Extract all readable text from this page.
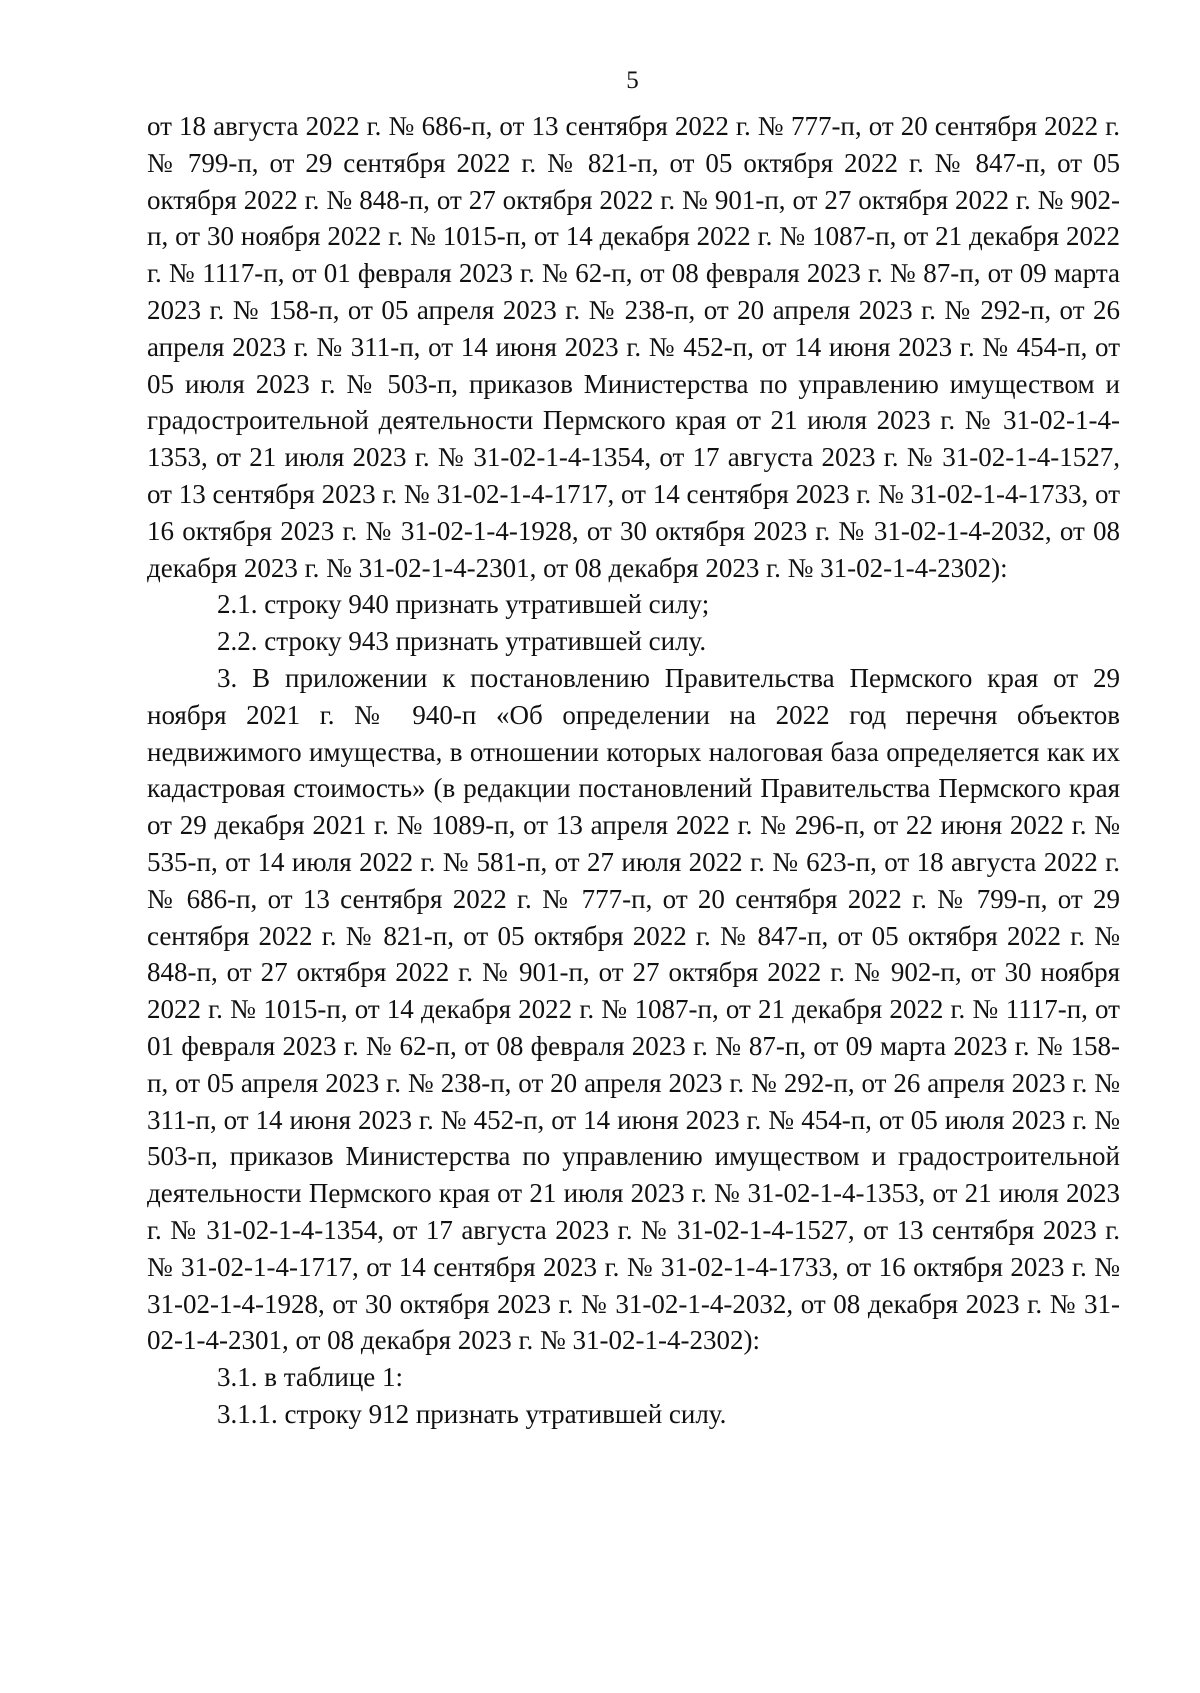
5

от 18 августа 2022 г. № 686-п, от 13 сентября 2022 г. № 777-п, от 20 сентября 2022 г. № 799-п, от 29 сентября 2022 г. № 821-п, от 05 октября 2022 г. № 847-п, от 05 октября 2022 г. № 848-п, от 27 октября 2022 г. № 901-п, от 27 октября 2022 г. № 902-п, от 30 ноября 2022 г. № 1015-п, от 14 декабря 2022 г. № 1087-п, от 21 декабря 2022 г. № 1117-п, от 01 февраля 2023 г. № 62-п, от 08 февраля 2023 г. № 87-п, от 09 марта 2023 г. № 158-п, от 05 апреля 2023 г. № 238-п, от 20 апреля 2023 г. № 292-п, от 26 апреля 2023 г. № 311-п, от 14 июня 2023 г. № 452-п, от 14 июня 2023 г. № 454-п, от 05 июля 2023 г. № 503-п, приказов Министерства по управлению имуществом и градостроительной деятельности Пермского края от 21 июля 2023 г. № 31-02-1-4-1353, от 21 июля 2023 г. № 31-02-1-4-1354, от 17 августа 2023 г. № 31-02-1-4-1527, от 13 сентября 2023 г. № 31-02-1-4-1717, от 14 сентября 2023 г. № 31-02-1-4-1733, от 16 октября 2023 г. № 31-02-1-4-1928, от 30 октября 2023 г. № 31-02-1-4-2032, от 08 декабря 2023 г. № 31-02-1-4-2301, от 08 декабря 2023 г. № 31-02-1-4-2302):

2.1. строку 940 признать утратившей силу;

2.2. строку 943 признать утратившей силу.

3. В приложении к постановлению Правительства Пермского края от 29 ноября 2021 г. № 940-п «Об определении на 2022 год перечня объектов недвижимого имущества, в отношении которых налоговая база определяется как их кадастровая стоимость» (в редакции постановлений Правительства Пермского края от 29 декабря 2021 г. № 1089-п, от 13 апреля 2022 г. № 296-п, от 22 июня 2022 г. № 535-п, от 14 июля 2022 г. № 581-п, от 27 июля 2022 г. № 623-п, от 18 августа 2022 г. № 686-п, от 13 сентября 2022 г. № 777-п, от 20 сентября 2022 г. № 799-п, от 29 сентября 2022 г. № 821-п, от 05 октября 2022 г. № 847-п, от 05 октября 2022 г. № 848-п, от 27 октября 2022 г. № 901-п, от 27 октября 2022 г. № 902-п, от 30 ноября 2022 г. № 1015-п, от 14 декабря 2022 г. № 1087-п, от 21 декабря 2022 г. № 1117-п, от 01 февраля 2023 г. № 62-п, от 08 февраля 2023 г. № 87-п, от 09 марта 2023 г. № 158-п, от 05 апреля 2023 г. № 238-п, от 20 апреля 2023 г. № 292-п, от 26 апреля 2023 г. № 311-п, от 14 июня 2023 г. № 452-п, от 14 июня 2023 г. № 454-п, от 05 июля 2023 г. № 503-п, приказов Министерства по управлению имуществом и градостроительной деятельности Пермского края от 21 июля 2023 г. № 31-02-1-4-1353, от 21 июля 2023 г. № 31-02-1-4-1354, от 17 августа 2023 г. № 31-02-1-4-1527, от 13 сентября 2023 г. № 31-02-1-4-1717, от 14 сентября 2023 г. № 31-02-1-4-1733, от 16 октября 2023 г. № 31-02-1-4-1928, от 30 октября 2023 г. № 31-02-1-4-2032, от 08 декабря 2023 г. № 31-02-1-4-2301, от 08 декабря 2023 г. № 31-02-1-4-2302):

3.1. в таблице 1:

3.1.1. строку 912 признать утратившей силу.
